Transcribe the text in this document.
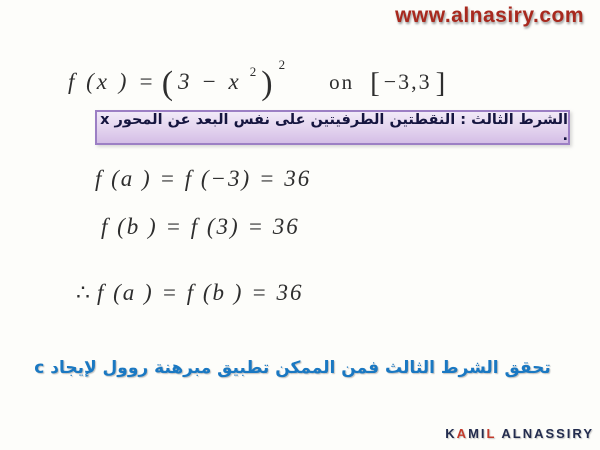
www.alnasiry.com
f (x ) = ( 3 − x $^2$ ) $^2$ on [ −3,3 ]
الشرط الثالث : النقطتين الطرفيتين على نفس البعد عن المحور x .
f (a ) = f (−3) = 36
f (b ) = f (3) = 36
∴ f (a ) = f (b ) = 36
تحقق الشرط الثالث فمن الممكن تطبيق مبرهنة روول لإيجاد c
KAMIL ALNASSIRY
